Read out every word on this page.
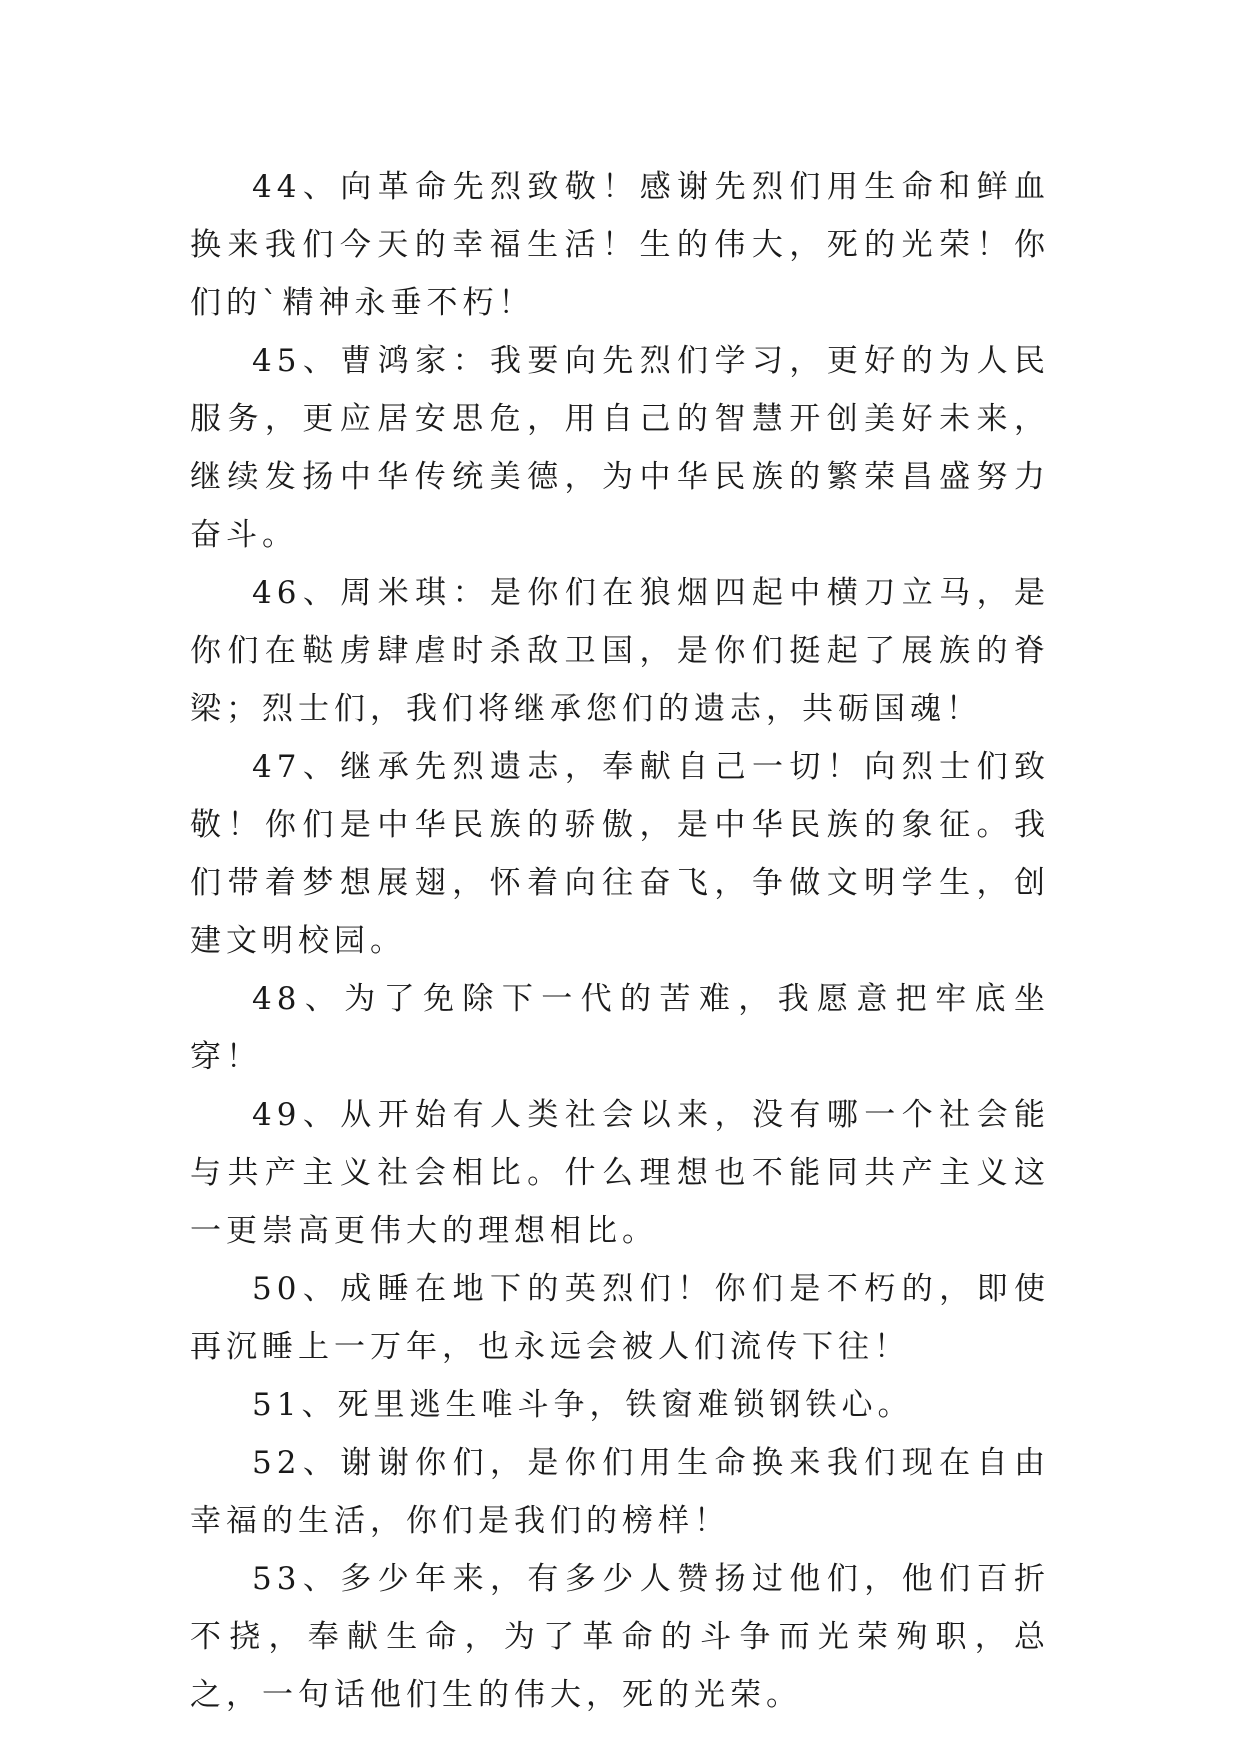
44、向革命先烈致敬！感谢先烈们用生命和鲜血换来我们今天的幸福生活！生的伟大，死的光荣！你们的`精神永垂不朽！

45、曹鸿家：我要向先烈们学习，更好的为人民服务，更应居安思危，用自己的智慧开创美好未来，继续发扬中华传统美德，为中华民族的繁荣昌盛努力奋斗。

46、周米琪：是你们在狼烟四起中横刀立马，是你们在鞑虏肆虐时杀敌卫国，是你们挺起了展族的脊梁；烈士们，我们将继承您们的遗志，共砺国魂！

47、继承先烈遗志，奉献自己一切！向烈士们致敬！你们是中华民族的骄傲，是中华民族的象征。我们带着梦想展翅，怀着向往奋飞，争做文明学生，创建文明校园。

48、为了免除下一代的苦难，我愿意把牢底坐穿！

49、从开始有人类社会以来，没有哪一个社会能与共产主义社会相比。什么理想也不能同共产主义这一更崇高更伟大的理想相比。

50、成睡在地下的英烈们！你们是不朽的，即使再沉睡上一万年，也永远会被人们流传下往！

51、死里逃生唯斗争，铁窗难锁钢铁心。

52、谢谢你们，是你们用生命换来我们现在自由幸福的生活，你们是我们的榜样！

53、多少年来，有多少人赞扬过他们，他们百折不挠，奉献生命，为了革命的斗争而光荣殉职，总之，一句话他们生的伟大，死的光荣。
